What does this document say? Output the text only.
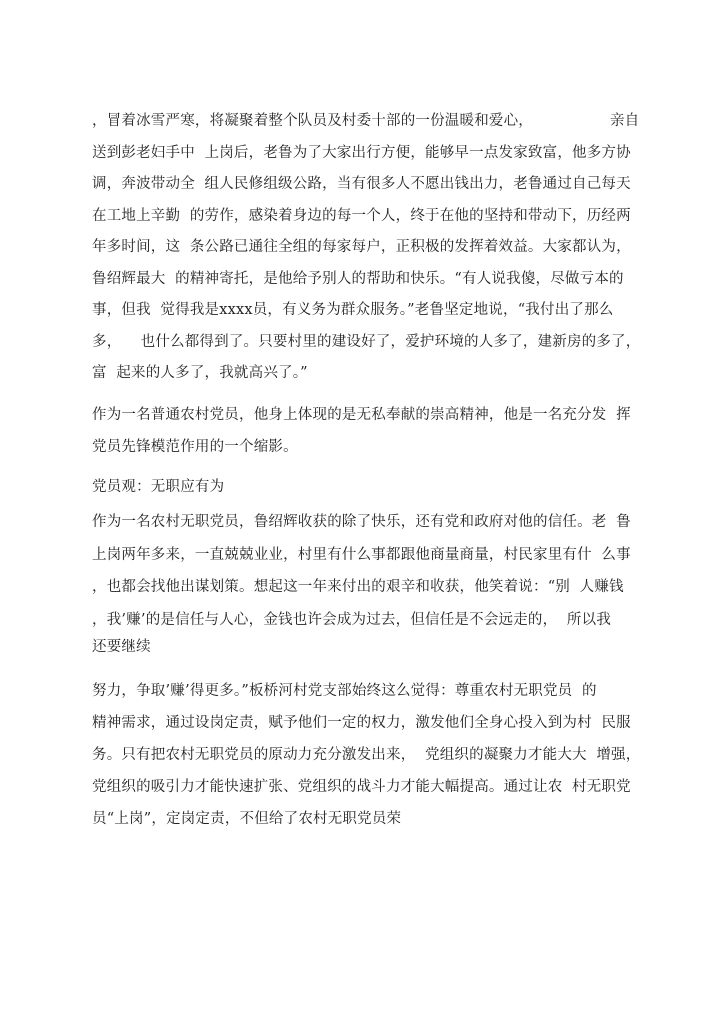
，冒着冰雪严寒，将凝聚着整个队员及村委十部的一份温暖和爱心，                亲自
送到彭老妇手中  上岗后，老鲁为了大家出行方便，能够早一点发家致富，他多方协
调，奔波带动全  组人民修组级公路，当有很多人不愿出钱出力，老鲁通过自己每天
在工地上辛勤  的劳作，感染着身边的每一个人，终于在他的坚持和带动下，历经两
年多时间，这  条公路已通往全组的每家每户，正积极的发挥着效益。大家都认为，
鲁绍辉最大  的精神寄托，是他给予别人的帮助和快乐。“有人说我傻，尽做亏本的
事，但我  觉得我是xxxx员，有义务为群众服务。”老鲁坚定地说，“我付出了那么
多，    也什么都得到了。只要村里的建设好了，爱护环境的人多了，建新房的多了，
富  起来的人多了，我就高兴了。”
作为一名普通农村党员，他身上体现的是无私奉献的崇高精神，他是一名充分发  挥
党员先锋模范作用的一个缩影。
党员观：无职应有为
作为一名农村无职党员，鲁绍辉收获的除了快乐，还有党和政府对他的信任。老  鲁
上岗两年多来，一直兢兢业业，村里有什么事都跟他商量商量，村民家里有什  么事
，也都会找他出谋划策。想起这一年来付出的艰辛和收获，他笑着说：“别  人赚钱
，我’赚’的是信任与人心，金钱也许会成为过去，但信任是不会远走的，  所以我
还要继续
努力，争取’赚’得更多。”板桥河村党支部始终这么觉得：尊重农村无职党员  的
精神需求，通过设岗定责，赋予他们一定的权力，激发他们全身心投入到为村  民服
务。只有把农村无职党员的原动力充分激发出来，  党组织的凝聚力才能大大  增强，
党组织的吸引力才能快速扩张、党组织的战斗力才能大幅提高。通过让农  村无职党
员“上岗”，定岗定责，不但给了农村无职党员荣
